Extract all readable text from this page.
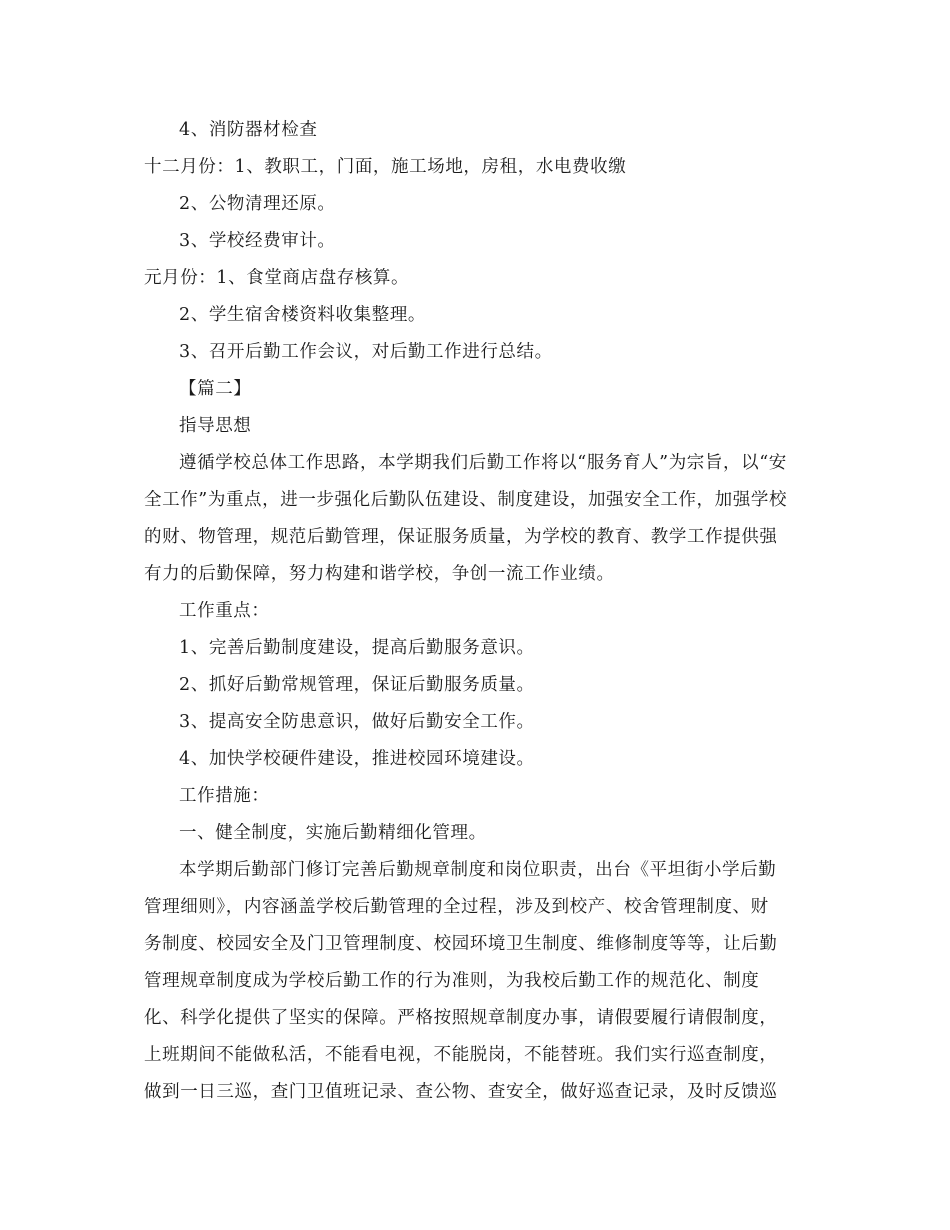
4、消防器材检查
十二月份：1、教职工，门面，施工场地，房租，水电费收缴
2、公物清理还原。
3、学校经费审计。
元月份：1、食堂商店盘存核算。
2、学生宿舍楼资料收集整理。
3、召开后勤工作会议，对后勤工作进行总结。
【篇二】
指导思想

遵循学校总体工作思路，本学期我们后勤工作将以“服务育人”为宗旨，以“安
全工作”为重点，进一步强化后勤队伍建设、制度建设，加强安全工作，加强学校
的财、物管理，规范后勤管理，保证服务质量，为学校的教育、教学工作提供强
有力的后勤保障，努力构建和谐学校，争创一流工作业绩。

工作重点：
1、完善后勤制度建设，提高后勤服务意识。
2、抓好后勤常规管理，保证后勤服务质量。
3、提高安全防患意识，做好后勤安全工作。
4、加快学校硬件建设，推进校园环境建设。
工作措施：
一、健全制度，实施后勤精细化管理。

本学期后勤部门修订完善后勤规章制度和岗位职责，出台《平坦街小学后勤
管理细则》，内容涵盖学校后勤管理的全过程，涉及到校产、校舍管理制度、财
务制度、校园安全及门卫管理制度、校园环境卫生制度、维修制度等等，让后勤
管理规章制度成为学校后勤工作的行为准则，为我校后勤工作的规范化、制度
化、科学化提供了坚实的保障。严格按照规章制度办事，请假要履行请假制度，
上班期间不能做私活，不能看电视，不能脱岗，不能替班。我们实行巡查制度，
做到一日三巡，查门卫值班记录、查公物、查安全，做好巡查记录，及时反馈巡
